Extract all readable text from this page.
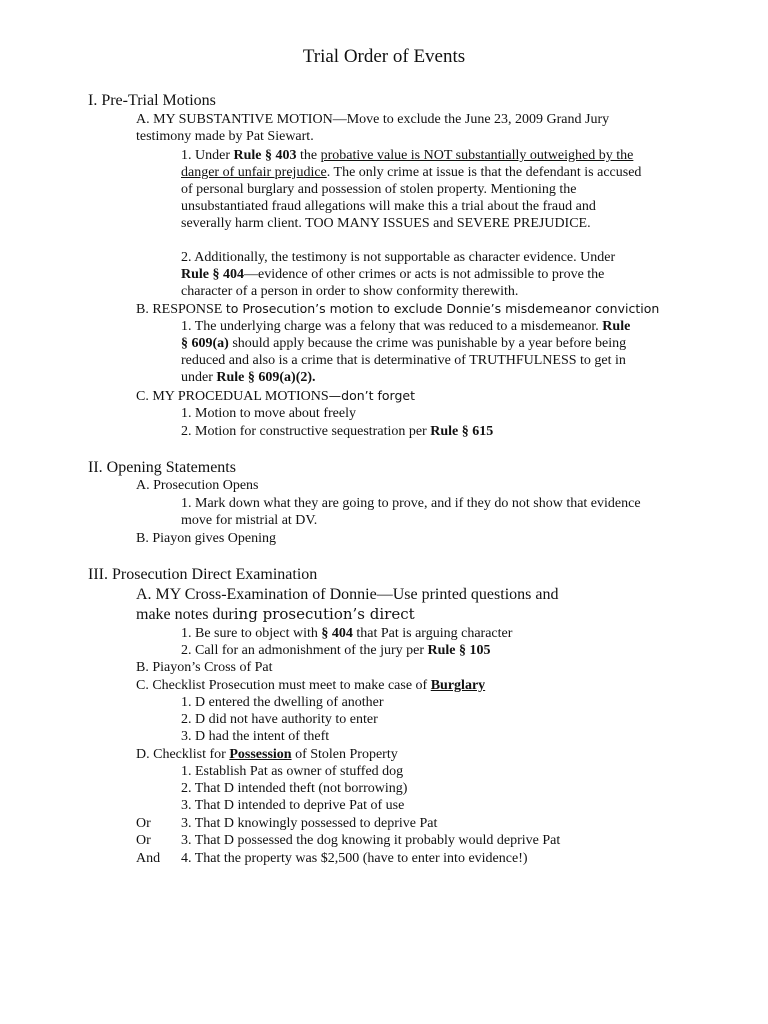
Trial Order of Events
I. Pre-Trial Motions
A. MY SUBSTANTIVE MOTION—Move to exclude the June 23, 2009 Grand Jury
testimony made by Pat Siewart.
1. Under Rule § 403 the probative value is NOT substantially outweighed by the
danger of unfair prejudice. The only crime at issue is that the defendant is accused
of personal burglary and possession of stolen property. Mentioning the
unsubstantiated fraud allegations will make this a trial about the fraud and
severally harm client. TOO MANY ISSUES and SEVERE PREJUDICE.
2. Additionally, the testimony is not supportable as character evidence. Under
Rule § 404—evidence of other crimes or acts is not admissible to prove the
character of a person in order to show conformity therewith.
B. RESPONSE to Prosecution’s motion to exclude Donnie’s misdemeanor conviction
1. The underlying charge was a felony that was reduced to a misdemeanor. Rule
§ 609(a) should apply because the crime was punishable by a year before being
reduced and also is a crime that is determinative of TRUTHFULNESS to get in
under Rule § 609(a)(2).
C. MY PROCEDUAL MOTIONS—don’t forget
1. Motion to move about freely
2. Motion for constructive sequestration per Rule § 615
II. Opening Statements
A. Prosecution Opens
1. Mark down what they are going to prove, and if they do not show that evidence
move for mistrial at DV.
B. Piayon gives Opening
III. Prosecution Direct Examination
A. MY Cross-Examination of Donnie—Use printed questions and
make notes during prosecution’s direct
1. Be sure to object with § 404 that Pat is arguing character
2. Call for an admonishment of the jury per Rule § 105
B. Piayon’s Cross of Pat
C. Checklist Prosecution must meet to make case of Burglary
1. D entered the dwelling of another
2. D did not have authority to enter
3. D had the intent of theft
D. Checklist for Possession of Stolen Property
1. Establish Pat as owner of stuffed dog
2. That D intended theft (not borrowing)
3. That D intended to deprive Pat of use
Or 3. That D knowingly possessed to deprive Pat
Or 3. That D possessed the dog knowing it probably would deprive Pat
And 4. That the property was $2,500 (have to enter into evidence!)
